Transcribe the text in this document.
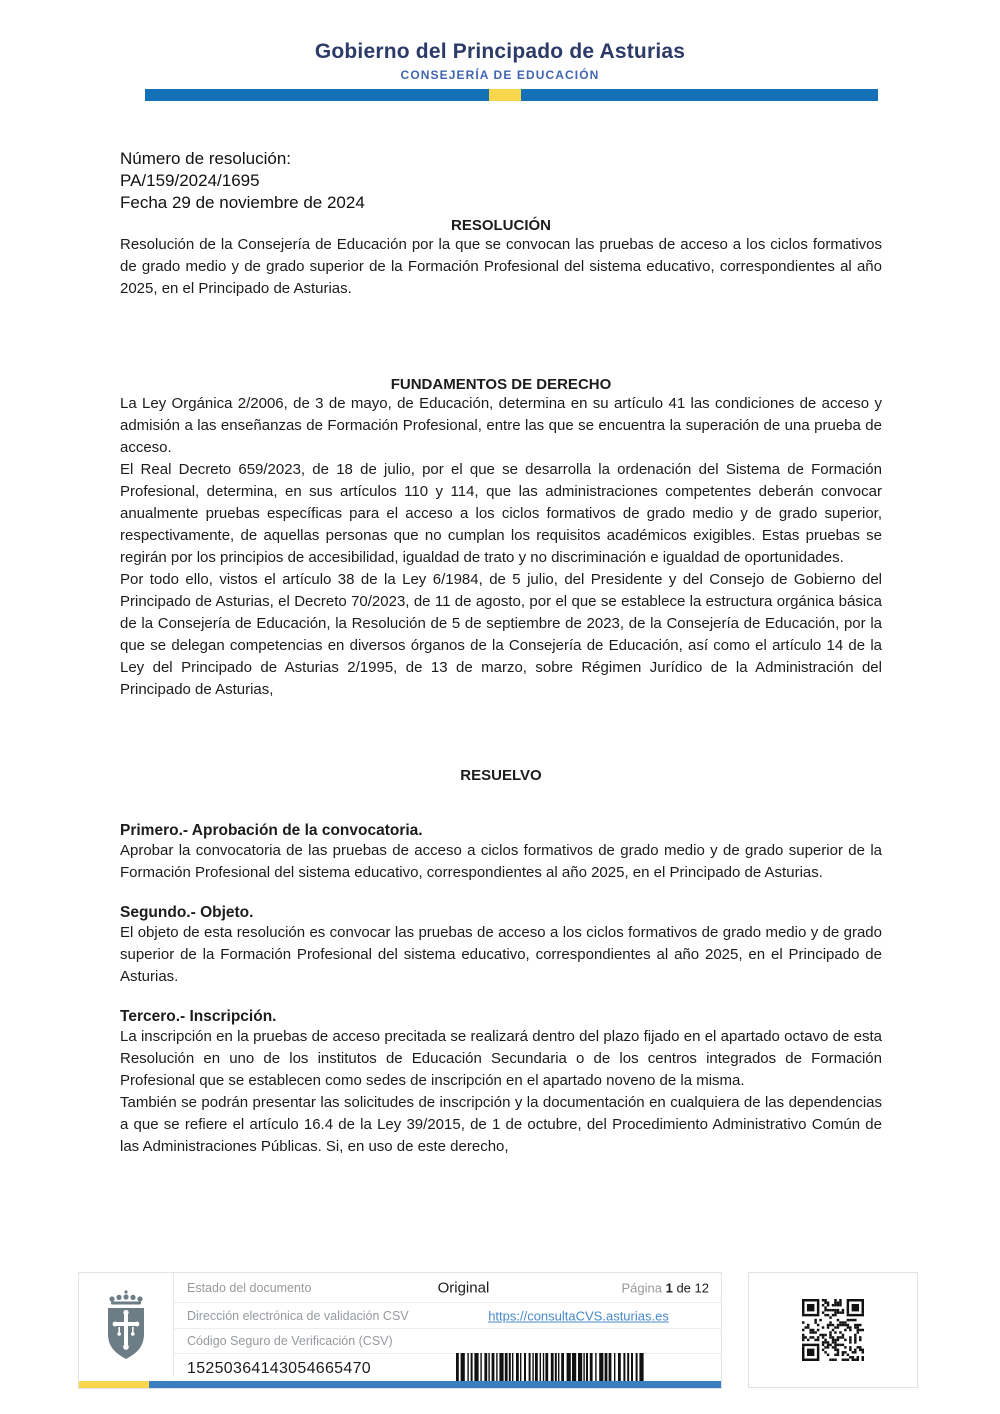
Gobierno del Principado de Asturias
CONSEJERÍA DE EDUCACIÓN
Número de resolución:
PA/159/2024/1695
Fecha 29 de noviembre de 2024
RESOLUCIÓN

Resolución de la Consejería de Educación por la que se convocan las pruebas de acceso a los ciclos formativos de grado medio y de grado superior de la Formación Profesional del sistema educativo, correspondientes al año 2025, en el Principado de Asturias.

FUNDAMENTOS DE DERECHO

La Ley Orgánica 2/2006, de 3 de mayo, de Educación, determina en su artículo 41 las condiciones de acceso y admisión a las enseñanzas de Formación Profesional, entre las que se encuentra la superación de una prueba de acceso.

El Real Decreto 659/2023, de 18 de julio, por el que se desarrolla la ordenación del Sistema de Formación Profesional, determina, en sus artículos 110 y 114, que las administraciones competentes deberán convocar anualmente pruebas específicas para el acceso a los ciclos formativos de grado medio y de grado superior, respectivamente, de aquellas personas que no cumplan los requisitos académicos exigibles. Estas pruebas se regirán por los principios de accesibilidad, igualdad de trato y no discriminación e igualdad de oportunidades.

Por todo ello, vistos el artículo 38 de la Ley 6/1984, de 5 julio, del Presidente y del Consejo de Gobierno del Principado de Asturias, el Decreto 70/2023, de 11 de agosto, por el que se establece la estructura orgánica básica de la Consejería de Educación, la Resolución de 5 de septiembre de 2023, de la Consejería de Educación, por la que se delegan competencias en diversos órganos de la Consejería de Educación, así como el artículo 14 de la Ley del Principado de Asturias 2/1995, de 13 de marzo, sobre Régimen Jurídico de la Administración del Principado de Asturias,

RESUELVO

Primero.- Aprobación de la convocatoria.

Aprobar la convocatoria de las pruebas de acceso a ciclos formativos de grado medio y de grado superior de la Formación Profesional del sistema educativo, correspondientes al año 2025, en el Principado de Asturias.

Segundo.- Objeto.

El objeto de esta resolución es convocar las pruebas de acceso a los ciclos formativos de grado medio y de grado superior de la Formación Profesional del sistema educativo, correspondientes al año 2025, en el Principado de Asturias.

Tercero.- Inscripción.

La inscripción en la pruebas de acceso precitada se realizará dentro del plazo fijado en el apartado octavo de esta Resolución en uno de los institutos de Educación Secundaria o de los centros integrados de Formación Profesional que se establecen como sedes de inscripción en el apartado noveno de la misma.

También se podrán presentar las solicitudes de inscripción y la documentación en cualquiera de las dependencias a que se refiere el artículo 16.4 de la Ley 39/2015, de 1 de octubre, del Procedimiento Administrativo Común de las Administraciones Públicas. Si, en uso de este derecho,

Estado del documento	Original	Página 1 de 12
Dirección electrónica de validación CSV	https://consultaCVS.asturias.es
Código Seguro de Verificación (CSV)
15250364143054665470
